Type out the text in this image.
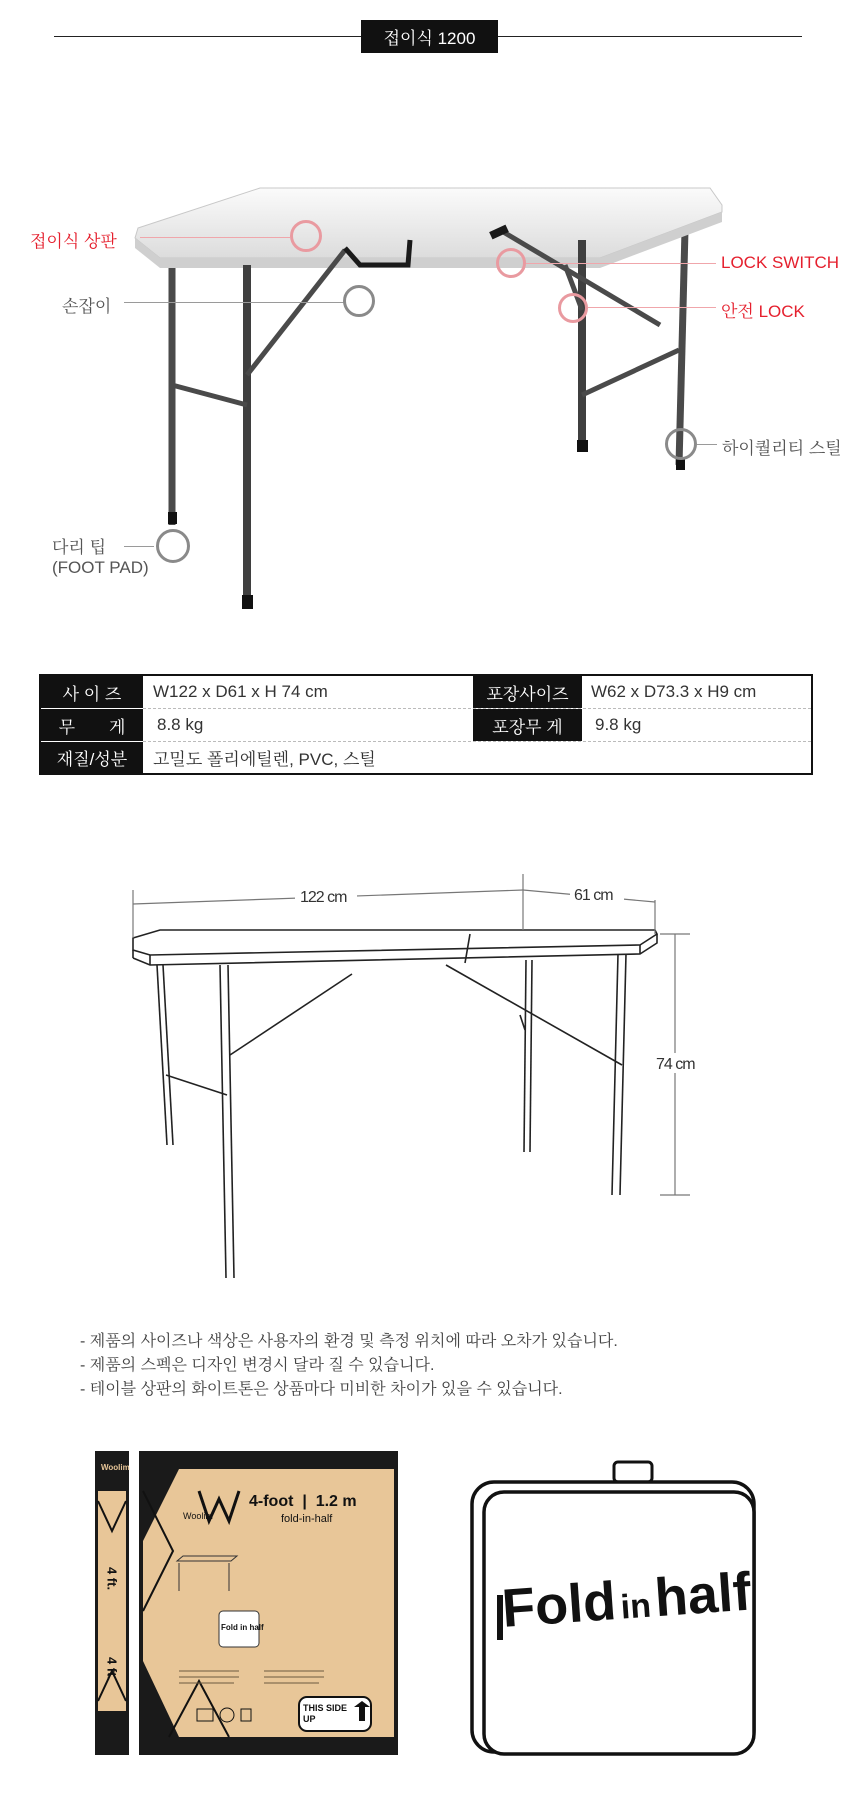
접이식 1200
접이식 상판
손잡이
LOCK SWITCH
안전 LOCK
하이퀄리티 스틸
다리 팁
(FOOT PAD)
사 이 즈	W122 x D61 x H 74 cm	포장사이즈	W62 x D73.3 x H9 cm
무　　게	8.8 kg	포장무 게	9.8 kg
재질/성분	고밀도 폴리에틸렌, PVC, 스틸
122 cm	61 cm
74 cm
- 제품의 사이즈나 색상은 사용자의 환경 및 측정 위치에 따라 오차가 있습니다.
- 제품의 스펙은 디자인 변경시 달라 질 수 있습니다.
- 테이블 상판의 화이트톤은 상품마다 미비한 차이가 있을 수 있습니다.
Woolim
4 ft.
4 ft.
Woolim
4-foot  |  1.2 m
fold-in-half
Fold in half
THIS SIDE UP
Fold in half
